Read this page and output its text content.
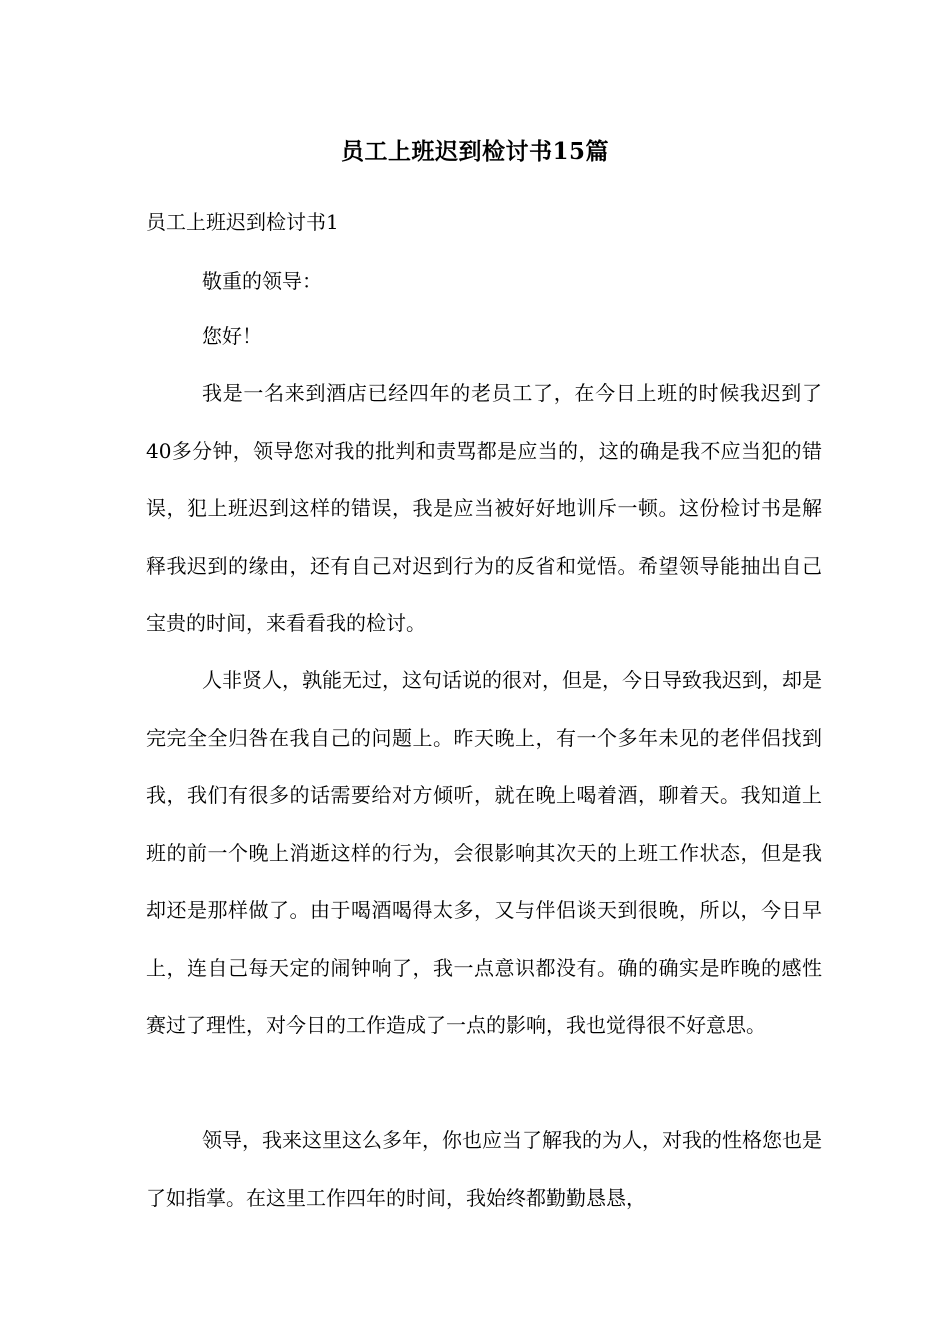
员工上班迟到检讨书15篇
员工上班迟到检讨书1
敬重的领导：
您好！

我是一名来到酒店已经四年的老员工了，在今日上班的时候我迟到了40多分钟，领导您对我的批判和责骂都是应当的，这的确是我不应当犯的错误，犯上班迟到这样的错误，我是应当被好好地训斥一顿。这份检讨书是解释我迟到的缘由，还有自己对迟到行为的反省和觉悟。希望领导能抽出自己宝贵的时间，来看看我的检讨。

人非贤人，孰能无过，这句话说的很对，但是，今日导致我迟到，却是完完全全归咎在我自己的问题上。昨天晚上，有一个多年未见的老伴侣找到我，我们有很多的话需要给对方倾听，就在晚上喝着酒，聊着天。我知道上班的前一个晚上消逝这样的行为，会很影响其次天的上班工作状态，但是我却还是那样做了。由于喝酒喝得太多，又与伴侣谈天到很晚，所以，今日早上，连自己每天定的闹钟响了，我一点意识都没有。确的确实是昨晚的感性赛过了理性，对今日的工作造成了一点的影响，我也觉得很不好意思。

领导，我来这里这么多年，你也应当了解我的为人，对我的性格您也是了如指掌。在这里工作四年的时间，我始终都勤勤恳恳，
